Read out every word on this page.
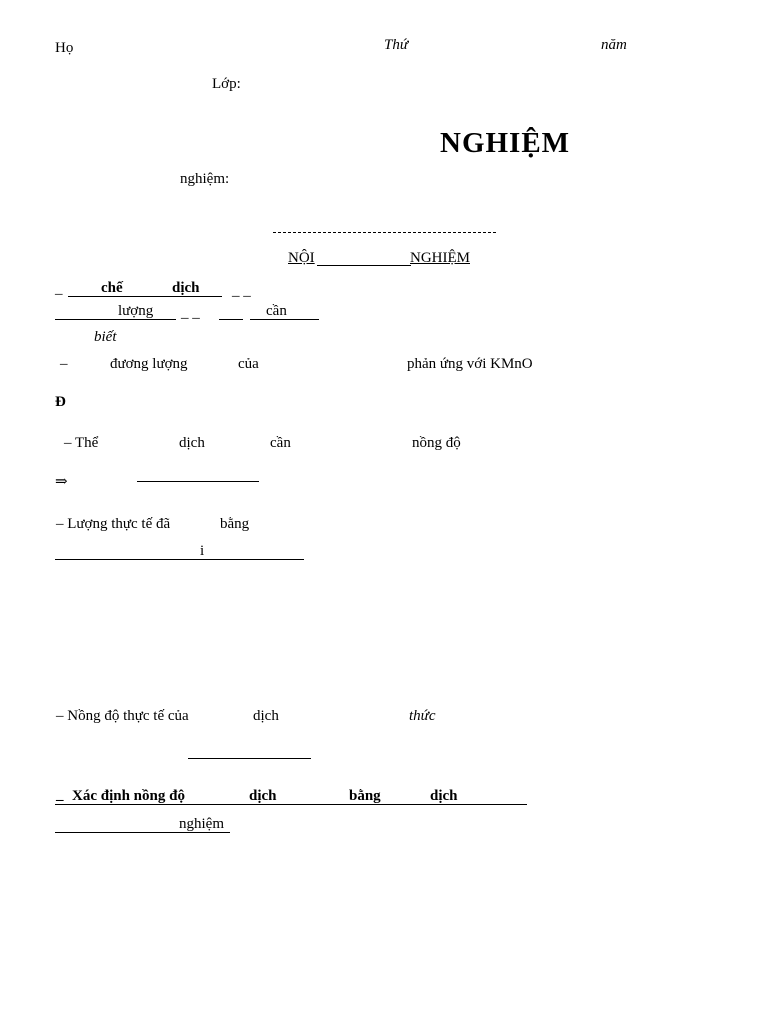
Họ	Thứ	năm
Lớp:
NGHIỆM
nghiệm:
NỘI	NGHIỆM
_	chế	dịch _ _
lượng _ _	cần
biết
–	đương lượng	của	phản ứng với KMnO
Đ
– Thể	dịch	cần	nồng độ
⇒
– Lượng thực tế đã	bằng
i
– Nồng độ thực tế của	dịch	thức
_ Xác định nồng độ	dịch	bằng	dịch
nghiệm
